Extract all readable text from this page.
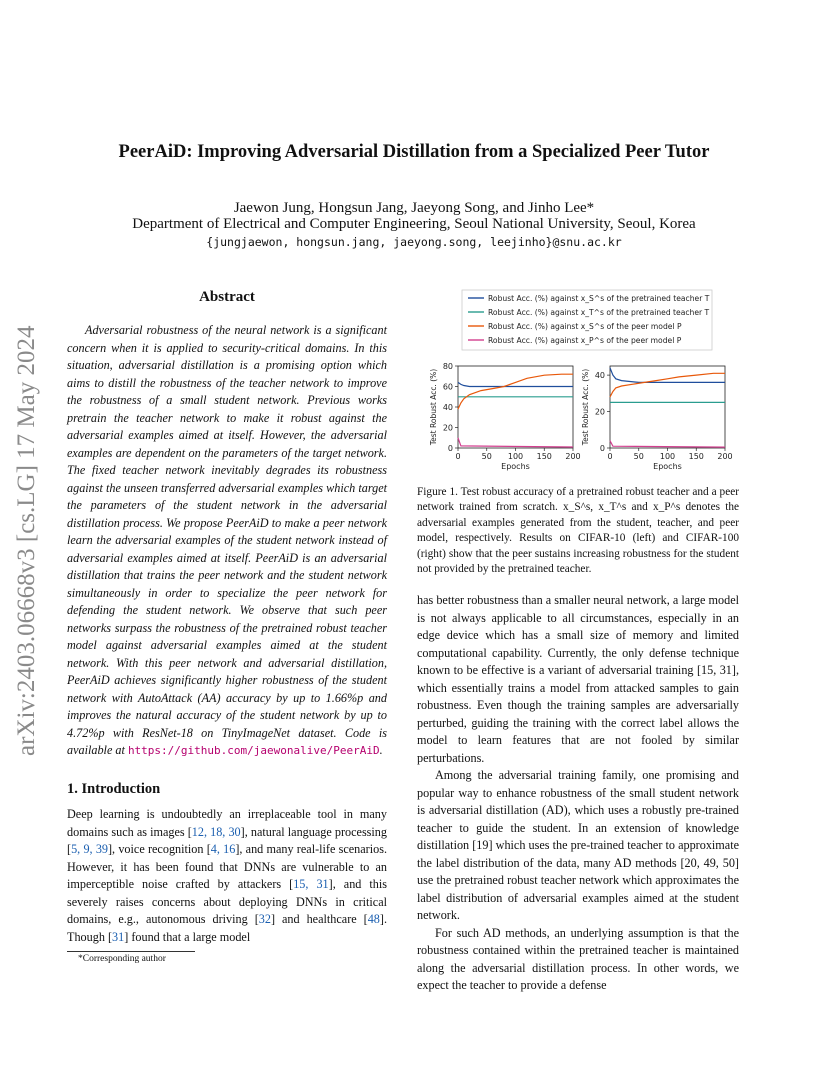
arXiv:2403.06668v3 [cs.LG] 17 May 2024
PeerAiD: Improving Adversarial Distillation from a Specialized Peer Tutor
Jaewon Jung, Hongsun Jang, Jaeyong Song, and Jinho Lee*
Department of Electrical and Computer Engineering, Seoul National University, Seoul, Korea
{jungjaewon, hongsun.jang, jaeyong.song, leejinho}@snu.ac.kr
Abstract
Adversarial robustness of the neural network is a significant concern when it is applied to security-critical domains. In this situation, adversarial distillation is a promising option which aims to distill the robustness of the teacher network to improve the robustness of a small student network. Previous works pretrain the teacher network to make it robust against the adversarial examples aimed at itself. However, the adversarial examples are dependent on the parameters of the target network. The fixed teacher network inevitably degrades its robustness against the unseen transferred adversarial examples which target the parameters of the student network in the adversarial distillation process. We propose PeerAiD to make a peer network learn the adversarial examples of the student network instead of adversarial examples aimed at itself. PeerAiD is an adversarial distillation that trains the peer network and the student network simultaneously in order to specialize the peer network for defending the student network. We observe that such peer networks surpass the robustness of the pretrained robust teacher model against adversarial examples aimed at the student network. With this peer network and adversarial distillation, PeerAiD achieves significantly higher robustness of the student network with AutoAttack (AA) accuracy by up to 1.66%p and improves the natural accuracy of the student network by up to 4.72%p with ResNet-18 on TinyImageNet dataset. Code is available at https://github.com/jaewonalive/PeerAiD.
1. Introduction
Deep learning is undoubtedly an irreplaceable tool in many domains such as images [12, 18, 30], natural language processing [5, 9, 39], voice recognition [4, 16], and many real-life scenarios. However, it has been found that DNNs are vulnerable to an imperceptible noise crafted by attackers [15, 31], and this severely raises concerns about deploying DNNs in critical domains, e.g., autonomous driving [32] and healthcare [48]. Though [31] found that a large model
*Corresponding author
Robust Acc. (%) against x_S^s of the pretrained teacher T
Robust Acc. (%) against x_T^s of the pretrained teacher T
Robust Acc. (%) against x_S^s of the peer model P
Robust Acc. (%) against x_P^s of the peer model P
0	50 100 150 200
0
20
40
60
80
Epochs
Test Robust Acc. (%)
0	50 100 150 200
0
20
40
Epochs
Test Robust Acc. (%)
Figure 1. Test robust accuracy of a pretrained robust teacher and a peer network trained from scratch. x_S^s, x_T^s and x_P^s denotes the adversarial examples generated from the student, teacher, and peer model, respectively. Results on CIFAR-10 (left) and CIFAR-100 (right) show that the peer sustains increasing robustness for the student not provided by the pretrained teacher.

has better robustness than a smaller neural network, a large model is not always applicable to all circumstances, especially in an edge device which has a small size of memory and limited computational capability. Currently, the only defense technique known to be effective is a variant of adversarial training [15, 31], which essentially trains a model from attacked samples to gain robustness. Even though the training samples are adversarially perturbed, guiding the training with the correct label allows the model to learn features that are not fooled by similar perturbations.

Among the adversarial training family, one promising and popular way to enhance robustness of the small student network is adversarial distillation (AD), which uses a robustly pre-trained teacher to guide the student. In an extension of knowledge distillation [19] which uses the pre-trained teacher to approximate the label distribution of the data, many AD methods [20, 49, 50] use the pretrained robust teacher network which approximates the label distribution of adversarial examples aimed at the student network.

For such AD methods, an underlying assumption is that the robustness contained within the pretrained teacher is maintained along the adversarial distillation process. In other words, we expect the teacher to provide a defense
